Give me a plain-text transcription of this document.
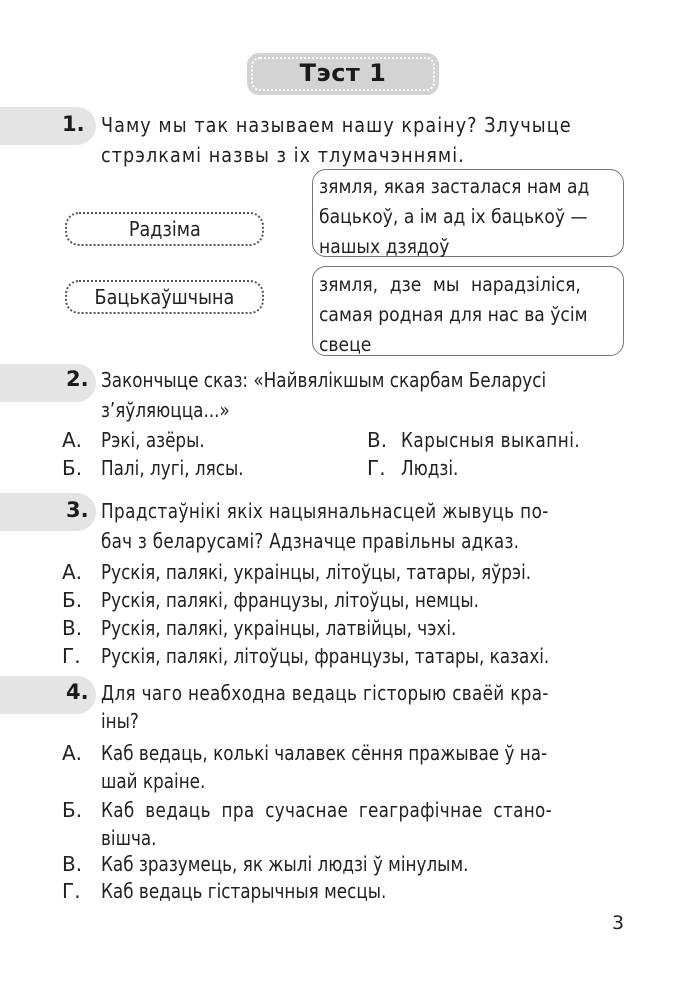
Тэст 1
1. Чаму мы так называем нашу краіну? Злучыце
стрэлкамі назвы з іх тлумачэннямі.
Радзіма
Бацькаўшчына
зямля, якая засталася нам ад
бацькоў, а ім ад іх бацькоў —
нашых дзядоў
зямля, дзе мы нарадзіліся,
самая родная для нас ва ўсім
свеце
2. Закончыце сказ: «Найвялікшым скарбам Беларусі
з’яўляюцца...»
А. Рэкі, азёры.
Б. Палі, лугі, лясы.
В. Карысныя выкапні.
Г. Людзі.
3. Прадстаўнікі якіх нацыянальнасцей жывуць по-
бач з беларусамі? Адзначце правільны адказ.
А. Рускія, палякі, украінцы, літоўцы, татары, яўрэі.
Б. Рускія, палякі, французы, літоўцы, немцы.
В. Рускія, палякі, украінцы, латвійцы, чэхі.
Г. Рускія, палякі, літоўцы, французы, татары, казахі.
4. Для чаго неабходна ведаць гісторыю сваёй кра-
іны?
А. Каб ведаць, колькі чалавек сёння пражывае ў на-
шай краіне.
Б. Каб ведаць пра сучаснае геаграфічнае стано-
вішча.
В. Каб зразумець, як жылі людзі ў мінулым.
Г. Каб ведаць гістарычныя месцы.
3
